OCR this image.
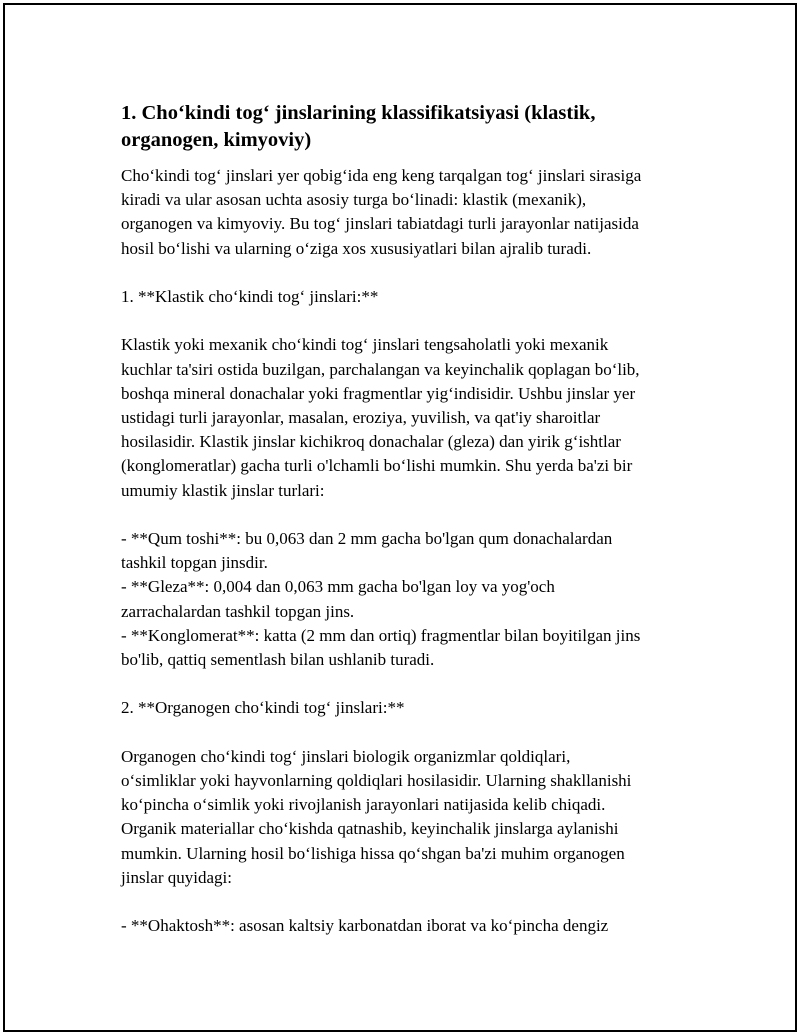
1. Cho‘kindi tog‘ jinslarining klassifikatsiyasi (klastik,
organogen, kimyoviy)

Cho‘kindi tog‘ jinslari yer qobig‘ida eng keng tarqalgan tog‘ jinslari sirasiga
kiradi va ular asosan uchta asosiy turga bo‘linadi: klastik (mexanik),
organogen va kimyoviy. Bu tog‘ jinslari tabiatdagi turli jarayonlar natijasida
hosil bo‘lishi va ularning o‘ziga xos xususiyatlari bilan ajralib turadi.

1. **Klastik cho‘kindi tog‘ jinslari:**

Klastik yoki mexanik cho‘kindi tog‘ jinslari tengsaholatli yoki mexanik
kuchlar ta'siri ostida buzilgan, parchalangan va keyinchalik qoplagan bo‘lib,
boshqa mineral donachalar yoki fragmentlar yig‘indisidir. Ushbu jinslar yer
ustidagi turli jarayonlar, masalan, eroziya, yuvilish, va qat'iy sharoitlar
hosilasidir. Klastik jinslar kichikroq donachalar (gleza) dan yirik g‘ishtlar
(konglomeratlar) gacha turli o'lchamli bo‘lishi mumkin. Shu yerda ba'zi bir
umumiy klastik jinslar turlari:

- **Qum toshi**: bu 0,063 dan 2 mm gacha bo'lgan qum donachalardan
tashkil topgan jinsdir.
- **Gleza**: 0,004 dan 0,063 mm gacha bo'lgan loy va yog'och
zarrachalardan tashkil topgan jins.
- **Konglomerat**: katta (2 mm dan ortiq) fragmentlar bilan boyitilgan jins
bo'lib, qattiq sementlash bilan ushlanib turadi.

2. **Organogen cho‘kindi tog‘ jinslari:**

Organogen cho‘kindi tog‘ jinslari biologik organizmlar qoldiqlari,
o‘simliklar yoki hayvonlarning qoldiqlari hosilasidir. Ularning shakllanishi
ko‘pincha o‘simlik yoki rivojlanish jarayonlari natijasida kelib chiqadi.
Organik materiallar cho‘kishda qatnashib, keyinchalik jinslarga aylanishi
mumkin. Ularning hosil bo‘lishiga hissa qo‘shgan ba'zi muhim organogen
jinslar quyidagi:

- **Ohaktosh**: asosan kaltsiy karbonatdan iborat va ko‘pincha dengiz
